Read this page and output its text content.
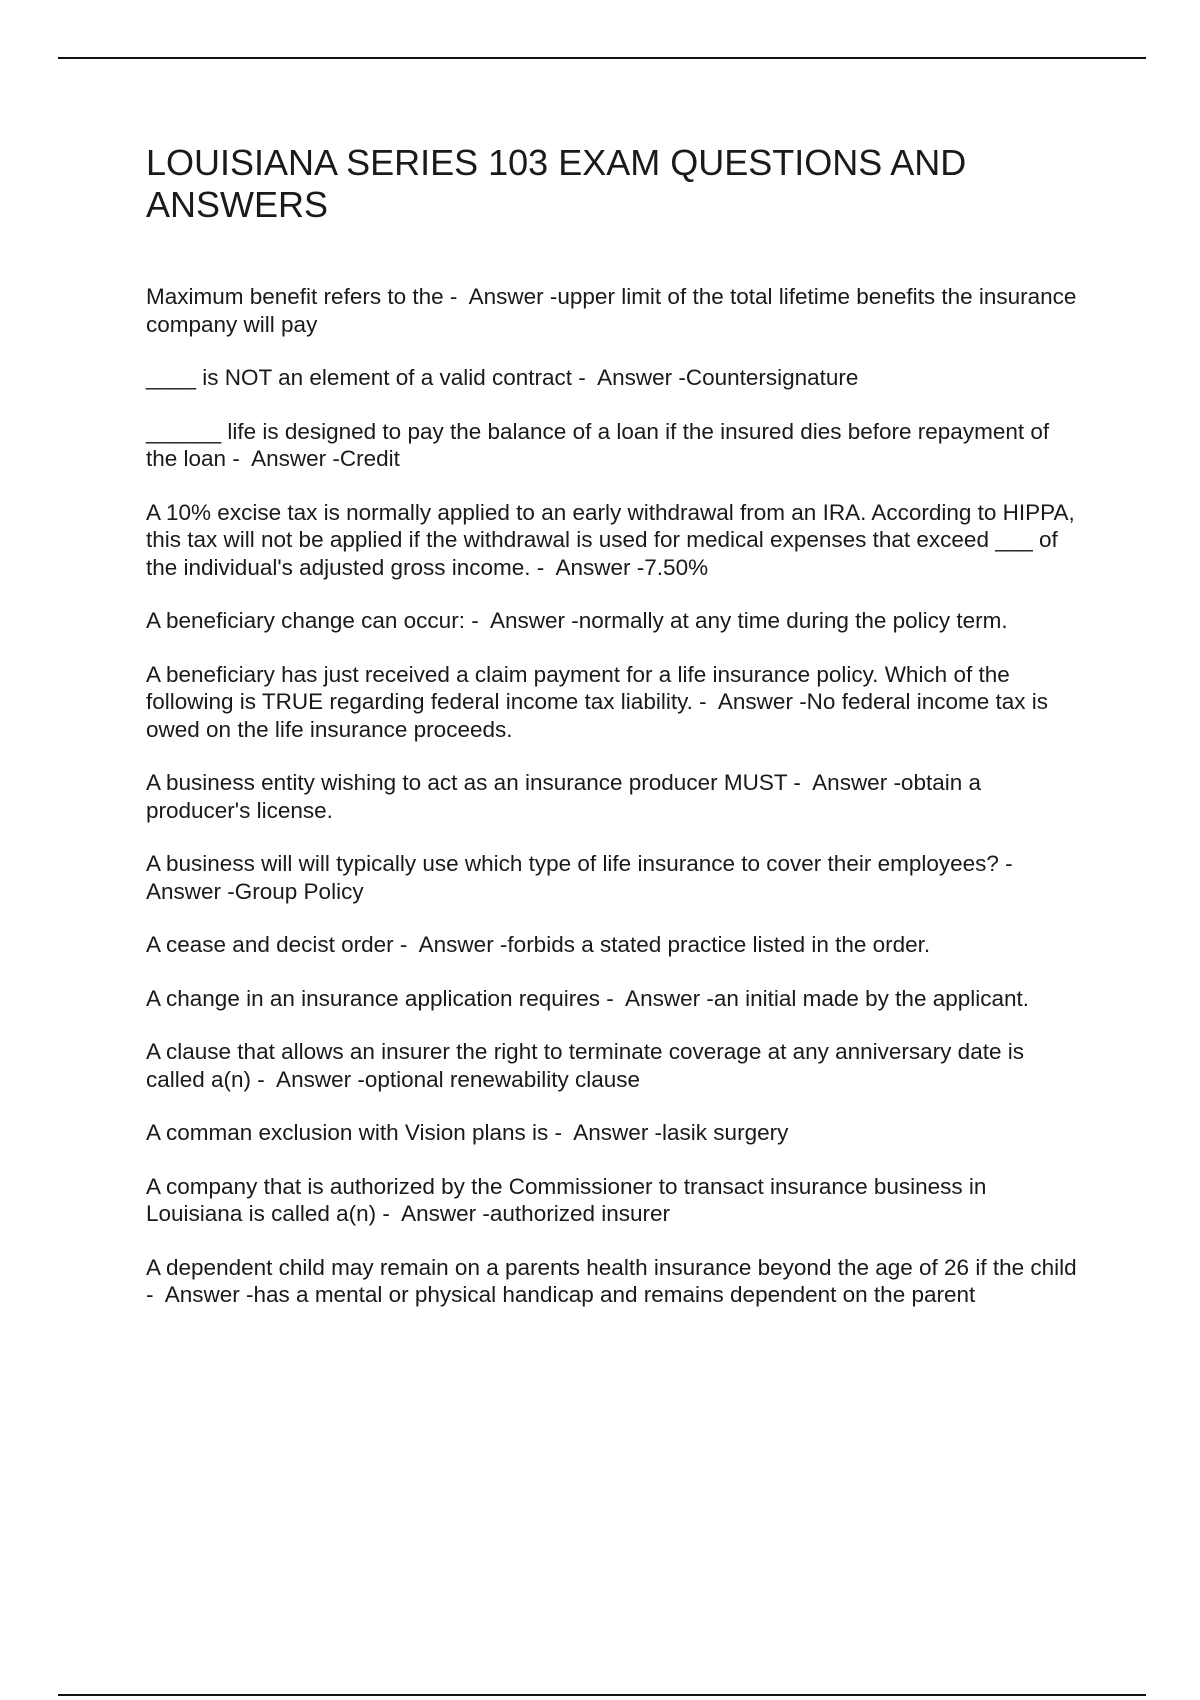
LOUISIANA SERIES 103 EXAM QUESTIONS AND ANSWERS
Maximum benefit refers to the -  Answer -upper limit of the total lifetime benefits the insurance company will pay
____ is NOT an element of a valid contract -  Answer -Countersignature
______ life is designed to pay the balance of a loan if the insured dies before repayment of the loan -  Answer -Credit
A 10% excise tax is normally applied to an early withdrawal from an IRA. According to HIPPA, this tax will not be applied if the withdrawal is used for medical expenses that exceed ___ of the individual's adjusted gross income. -  Answer -7.50%
A beneficiary change can occur: -  Answer -normally at any time during the policy term.
A beneficiary has just received a claim payment for a life insurance policy. Which of the following is TRUE regarding federal income tax liability. -  Answer -No federal income tax is owed on the life insurance proceeds.
A business entity wishing to act as an insurance producer MUST -  Answer -obtain a producer's license.
A business will will typically use which type of life insurance to cover their employees? -  Answer -Group Policy
A cease and decist order -  Answer -forbids a stated practice listed in the order.
A change in an insurance application requires -  Answer -an initial made by the applicant.
A clause that allows an insurer the right to terminate coverage at any anniversary date is called a(n) -  Answer -optional renewability clause
A comman exclusion with Vision plans is -  Answer -lasik surgery
A company that is authorized by the Commissioner to transact insurance business in Louisiana is called a(n) -  Answer -authorized insurer
A dependent child may remain on a parents health insurance beyond the age of 26 if the child -  Answer -has a mental or physical handicap and remains dependent on the parent
